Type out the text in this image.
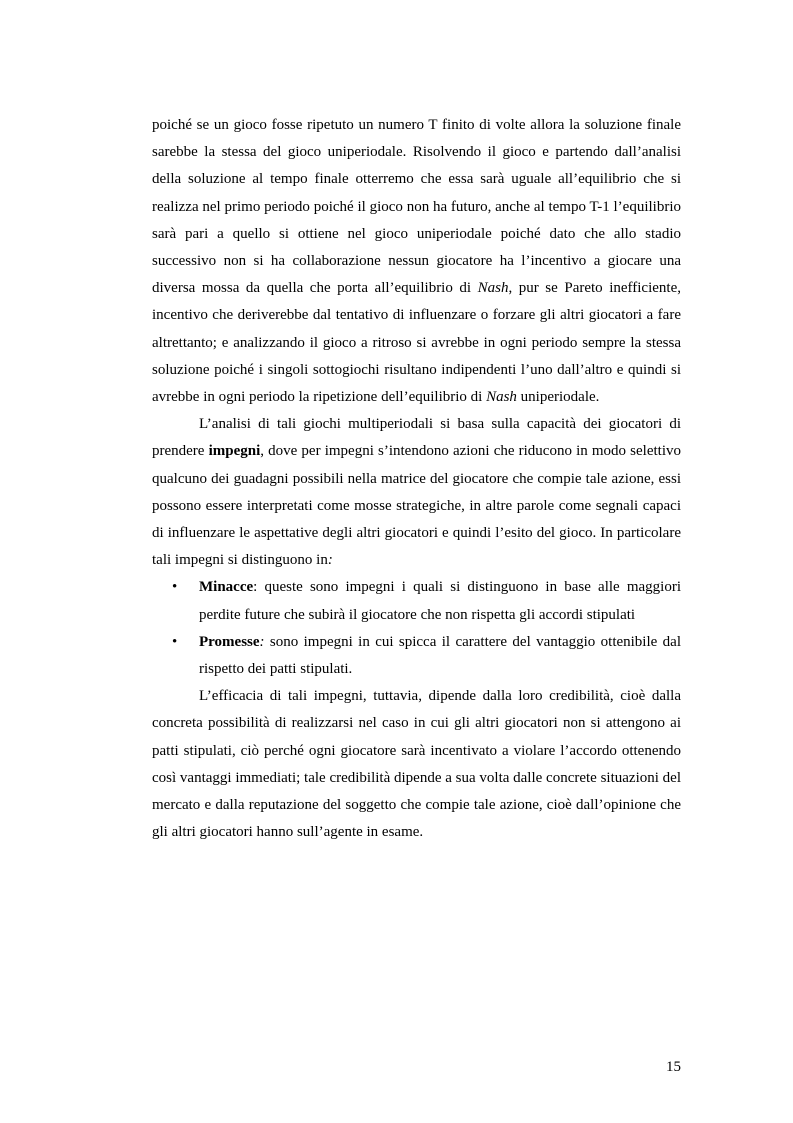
poiché se un gioco fosse ripetuto un numero T finito di volte allora la soluzione finale sarebbe la stessa del gioco uniperiodale. Risolvendo il gioco e partendo dall’analisi della soluzione al tempo finale otterremo che essa sarà uguale all’equilibrio che si realizza nel primo periodo poiché il gioco non ha futuro, anche al tempo T-1 l’equilibrio sarà pari a quello si ottiene nel gioco uniperiodale poiché dato che allo stadio successivo non si ha collaborazione nessun giocatore ha l’incentivo a giocare una diversa mossa da quella che porta all’equilibrio di Nash, pur se Pareto inefficiente, incentivo che deriverebbe dal tentativo di influenzare o forzare gli altri giocatori a fare altrettanto; e analizzando il gioco a ritroso si avrebbe in ogni periodo sempre la stessa soluzione poiché i singoli sottogiochi risultano indipendenti l’uno dall’altro e quindi si avrebbe in ogni periodo la ripetizione dell’equilibrio di Nash uniperiodale.

L’analisi di tali giochi multiperiodali si basa sulla capacità dei giocatori di prendere impegni, dove per impegni s’intendono azioni che riducono in modo selettivo qualcuno dei guadagni possibili nella matrice del giocatore che compie tale azione, essi possono essere interpretati come mosse strategiche, in altre parole come segnali capaci di influenzare le aspettative degli altri giocatori e quindi l’esito del gioco. In particolare tali impegni si distinguono in:

• Minacce: queste sono impegni i quali si distinguono in base alle maggiori perdite future che subirà il giocatore che non rispetta gli accordi stipulati
• Promesse: sono impegni in cui spicca il carattere del vantaggio ottenibile dal rispetto dei patti stipulati.

L’efficacia di tali impegni, tuttavia, dipende dalla loro credibilità, cioè dalla concreta possibilità di realizzarsi nel caso in cui gli altri giocatori non si attengono ai patti stipulati, ciò perché ogni giocatore sarà incentivato a violare l’accordo ottenendo così vantaggi immediati; tale credibilità dipende a sua volta dalle concrete situazioni del mercato e dalla reputazione del soggetto che compie tale azione, cioè dall’opinione che gli altri giocatori hanno sull’agente in esame.

15
